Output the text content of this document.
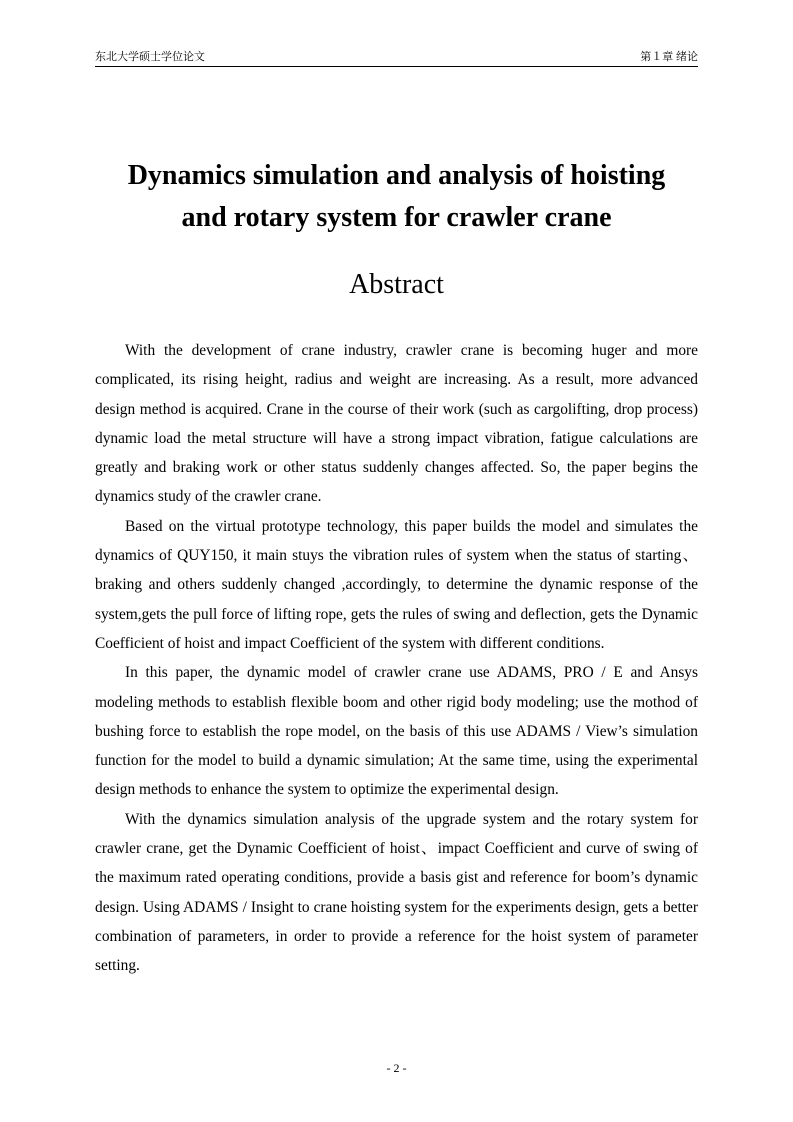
东北大学硕士学位论文	第１章 绪论
Dynamics simulation and analysis of hoisting
and rotary system for crawler crane
Abstract

With the development of crane industry, crawler crane is becoming huger and more complicated, its rising height, radius and weight are increasing. As a result, more advanced design method is acquired. Crane in the course of their work (such as cargolifting, drop process) dynamic load the metal structure will have a strong impact vibration, fatigue calculations are greatly and braking work or other status suddenly changes affected. So, the paper begins the dynamics study of the crawler crane.

Based on the virtual prototype technology, this paper builds the model and simulates the dynamics of QUY150, it main stuys the vibration rules of system when the status of starting、braking and others suddenly changed ,accordingly, to determine the dynamic response of the system,gets the pull force of lifting rope, gets the rules of swing and deflection, gets the Dynamic Coefficient of hoist and impact Coefficient of the system with different conditions.

In this paper, the dynamic model of crawler crane use ADAMS, PRO / E and Ansys modeling methods to establish flexible boom and other rigid body modeling; use the mothod of bushing force to establish the rope model, on the basis of this use ADAMS / View’s simulation function for the model to build a dynamic simulation; At the same time, using the experimental design methods to enhance the system to optimize the experimental design.

With the dynamics simulation analysis of the upgrade system and the rotary system for crawler crane, get the Dynamic Coefficient of hoist、impact Coefficient and curve of swing of the maximum rated operating conditions, provide a basis gist and reference for boom’s dynamic design. Using ADAMS / Insight to crane hoisting system for the experiments design, gets a better combination of parameters, in order to provide a reference for the hoist system of parameter setting.

- 2 -
